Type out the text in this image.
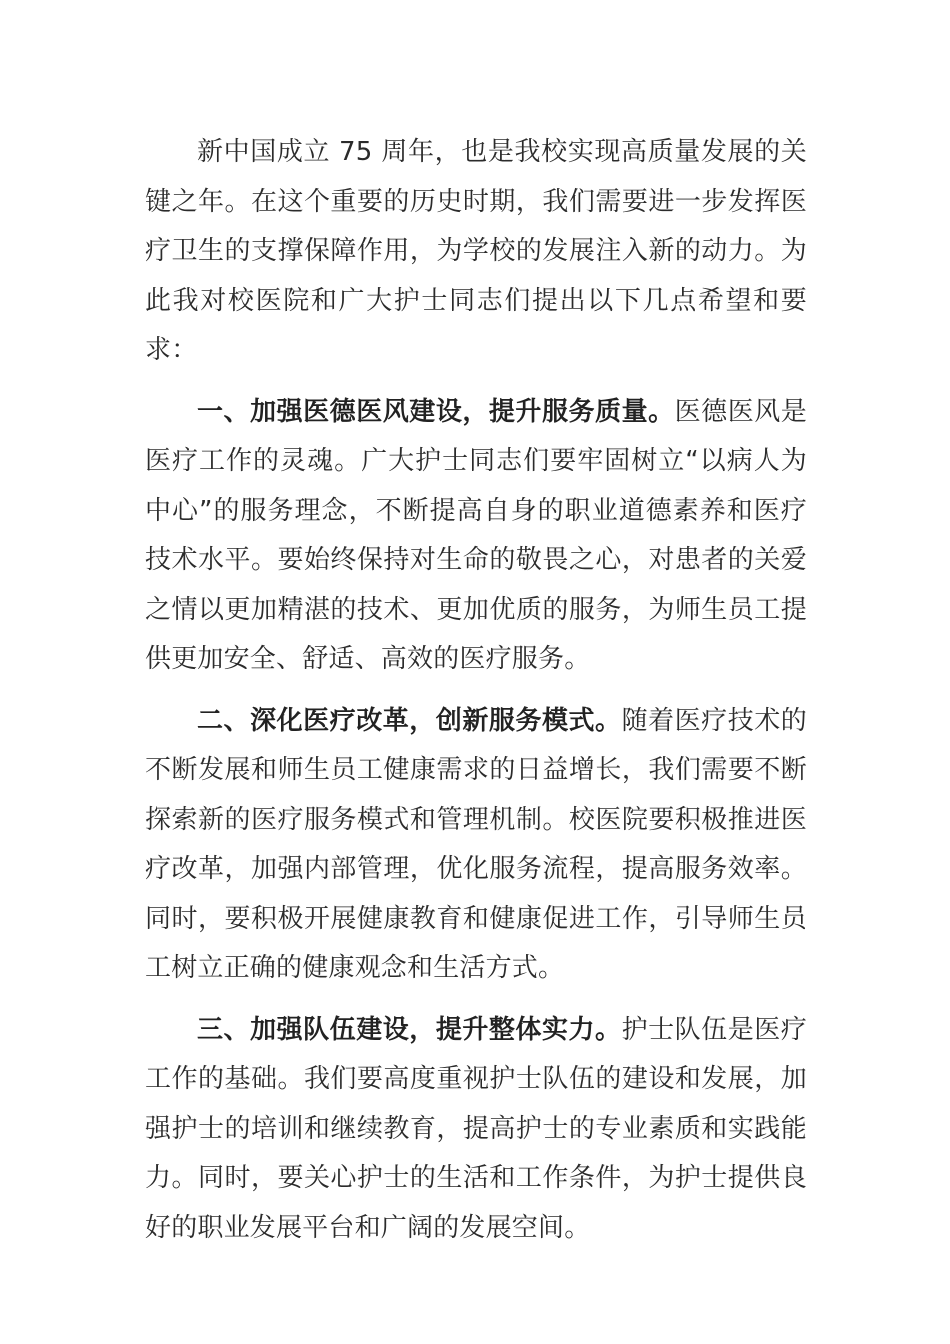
新中国成立 75 周年，也是我校实现高质量发展的关键之年。在这个重要的历史时期，我们需要进一步发挥医疗卫生的支撑保障作用，为学校的发展注入新的动力。为此我对校医院和广大护士同志们提出以下几点希望和要求：

一、加强医德医风建设，提升服务质量。医德医风是医疗工作的灵魂。广大护士同志们要牢固树立“以病人为中心”的服务理念，不断提高自身的职业道德素养和医疗技术水平。要始终保持对生命的敬畏之心，对患者的关爱之情以更加精湛的技术、更加优质的服务，为师生员工提供更加安全、舒适、高效的医疗服务。

二、深化医疗改革，创新服务模式。随着医疗技术的不断发展和师生员工健康需求的日益增长，我们需要不断探索新的医疗服务模式和管理机制。校医院要积极推进医疗改革，加强内部管理，优化服务流程，提高服务效率。同时，要积极开展健康教育和健康促进工作，引导师生员工树立正确的健康观念和生活方式。

三、加强队伍建设，提升整体实力。护士队伍是医疗工作的基础。我们要高度重视护士队伍的建设和发展，加强护士的培训和继续教育，提高护士的专业素质和实践能力。同时，要关心护士的生活和工作条件，为护士提供良好的职业发展平台和广阔的发展空间。
